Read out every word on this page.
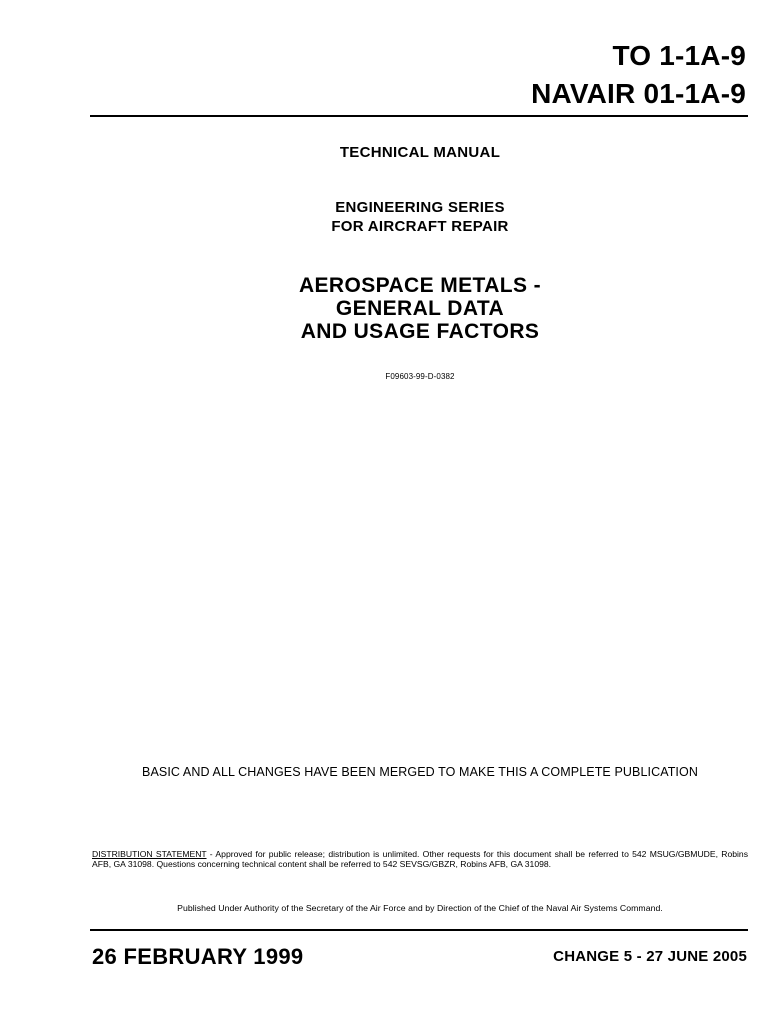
TO 1-1A-9
NAVAIR 01-1A-9
TECHNICAL MANUAL
ENGINEERING SERIES
FOR AIRCRAFT REPAIR
AEROSPACE METALS -
GENERAL DATA
AND USAGE FACTORS
F09603-99-D-0382
BASIC AND ALL CHANGES HAVE BEEN MERGED TO MAKE THIS A COMPLETE PUBLICATION
DISTRIBUTION STATEMENT - Approved for public release; distribution is unlimited. Other requests for this document shall be referred to 542 MSUG/GBMUDE, Robins AFB, GA 31098. Questions concerning technical content shall be referred to 542 SEVSG/GBZR, Robins AFB, GA 31098.
Published Under Authority of the Secretary of the Air Force and by Direction of the Chief of the Naval Air Systems Command.
26 FEBRUARY 1999	CHANGE 5 - 27 JUNE 2005
